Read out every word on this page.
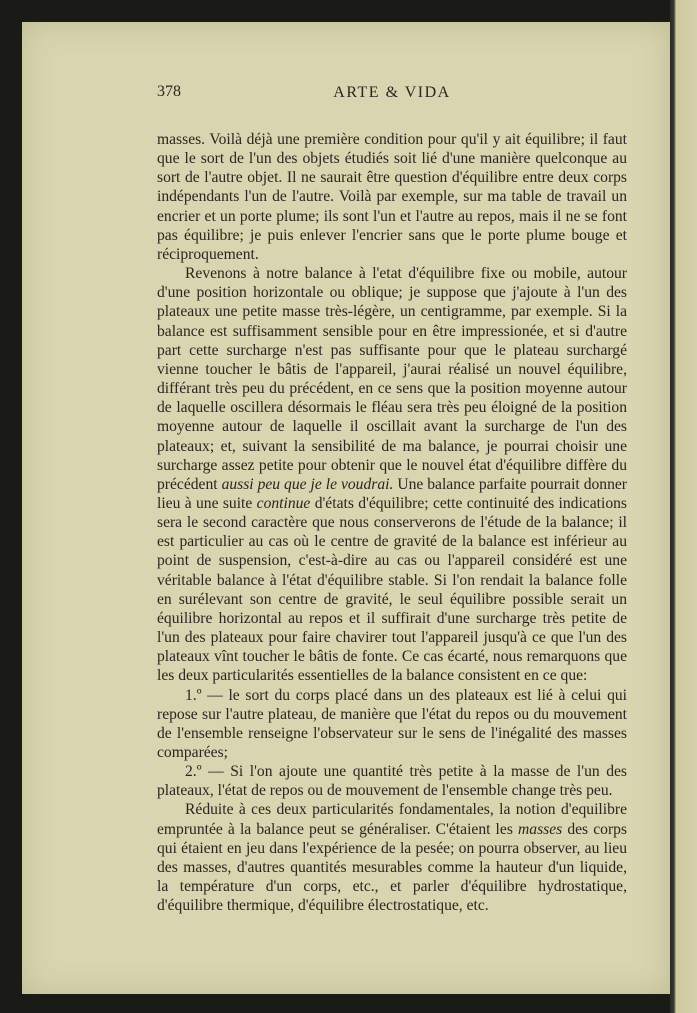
378	ARTE & VIDA

masses. Voilà déjà une première condition pour qu'il y ait équilibre; il faut que le sort de l'un des objets étudiés soit lié d'une manière quelconque au sort de l'autre objet. Il ne saurait être question d'équilibre entre deux corps indépendants l'un de l'autre. Voilà par exemple, sur ma table de travail un encrier et un porte plume; ils sont l'un et l'autre au repos, mais il ne se font pas équilibre; je puis enlever l'encrier sans que le porte plume bouge et réciproquement.

Revenons à notre balance à l'etat d'équilibre fixe ou mobile, autour d'une position horizontale ou oblique; je suppose que j'ajoute à l'un des plateaux une petite masse très-légère, un centigramme, par exemple. Si la balance est suffisamment sensible pour en être impressionée, et si d'autre part cette surcharge n'est pas suffisante pour que le plateau surchargé vienne toucher le bâtis de l'appareil, j'aurai réalisé un nouvel équilibre, différant très peu du précédent, en ce sens que la position moyenne autour de laquelle oscillera désormais le fléau sera très peu éloigné de la position moyenne autour de laquelle il oscillait avant la surcharge de l'un des plateaux; et, suivant la sensibilité de ma balance, je pourrai choisir une surcharge assez petite pour obtenir que le nouvel état d'équilibre diffère du précédent aussi peu que je le voudrai. Une balance parfaite pourrait donner lieu à une suite continue d'états d'équilibre; cette continuité des indications sera le second caractère que nous conserverons de l'étude de la balance; il est particulier au cas où le centre de gravité de la balance est inférieur au point de suspension, c'est-à-dire au cas ou l'appareil considéré est une véritable balance à l'état d'équilibre stable. Si l'on rendait la balance folle en surélevant son centre de gravité, le seul équilibre possible serait un équilibre horizontal au repos et il suffirait d'une surcharge très petite de l'un des plateaux pour faire chavirer tout l'appareil jusqu'à ce que l'un des plateaux vînt toucher le bâtis de fonte. Ce cas écarté, nous remarquons que les deux particularités essentielles de la balance consistent en ce que:

1.º — le sort du corps placé dans un des plateaux est lié à celui qui repose sur l'autre plateau, de manière que l'état du repos ou du mouvement de l'ensemble renseigne l'observateur sur le sens de l'inégalité des masses comparées;

2.º — Si l'on ajoute une quantité très petite à la masse de l'un des plateaux, l'état de repos ou de mouvement de l'ensemble change très peu.

Réduite à ces deux particularités fondamentales, la notion d'equilibre empruntée à la balance peut se généraliser. C'étaient les masses des corps qui étaient en jeu dans l'expérience de la pesée; on pourra observer, au lieu des masses, d'autres quantités mesurables comme la hauteur d'un liquide, la température d'un corps, etc., et parler d'équilibre hydrostatique, d'équilibre thermique, d'équilibre électrostatique, etc.
